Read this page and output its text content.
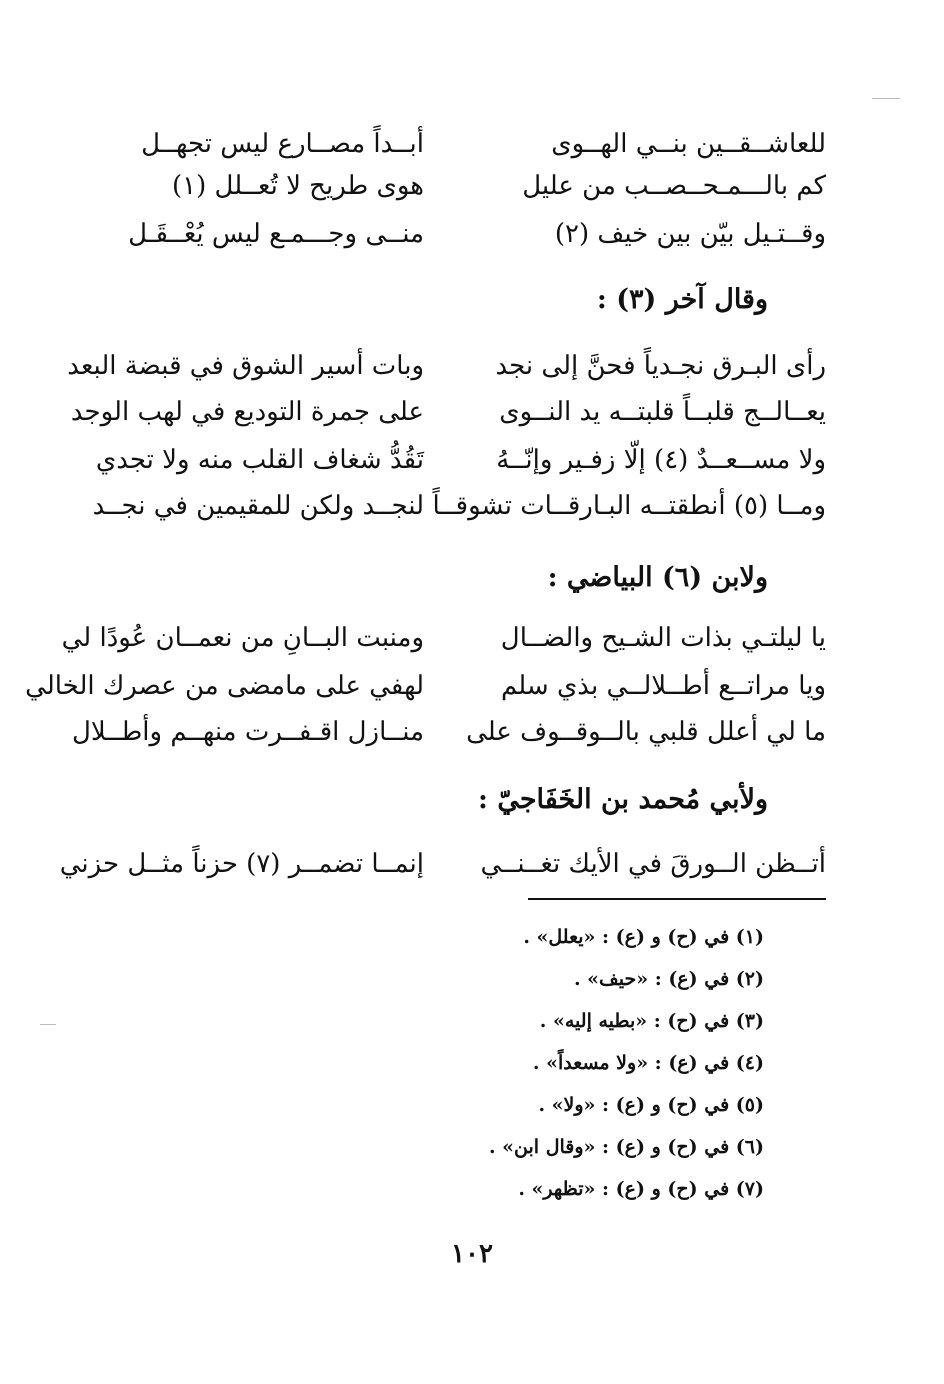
للعاشــقــين بنــي الهــوى
أبــداً مصــارع ليس تجهــل
كم بالـــمـحــصــب من عليل
هوى طريح لا تُعــلل (١)
وقــتـيل بيّن بين خيف (٢)
منــى وجـــمـع ليس يُعْــقَـل
وقال آخر (٣) :
رأى البـرق نجـدياً فحنَّ إلى نجد
وبات أسير الشوق في قبضة البعد
يعــالــج قلبــاً قلبتــه يد النــوى
على جمرة التوديع في لهب الوجد
ولا مســعــدٌ (٤) إلّا زفـير وإنّــهُ
تَقُدُّ شغاف القلب منه ولا تجدي
ومــا (٥) أنطقتــه البـارقــات تشوقــاً
لنجــد ولكن للمقيمين في نجــد
ولابن (٦) البياضي :
يا ليلتـي بذات الشـيح والضــال
ومنبت البــانِ من نعمــان عُودًا لي
ويا مراتــع أطــلالــي بذي سلم
لهفي على مامضى من عصرك الخالي
ما لي أعلل قلبي بالــوقــوف على
منــازل اقـفــرت منهــم وأطــلال
ولأبي مُحمد بن الخَفَاجيّ :
أتــظن الــورقَ في الأيك تغــنــي
إنمــا تضمــر (٧) حزناً مثــل حزني
(١) في (ح) و (ع) : «يعلل» .
(٢) في (ع) : «حيف» .
(٣) في (ح) : «بطيه إليه» .
(٤) في (ع) : «ولا مسعداً» .
(٥) في (ح) و (ع) : «ولا» .
(٦) في (ح) و (ع) : «وقال ابن» .
(٧) في (ح) و (ع) : «تظهر» .
١٠٢
